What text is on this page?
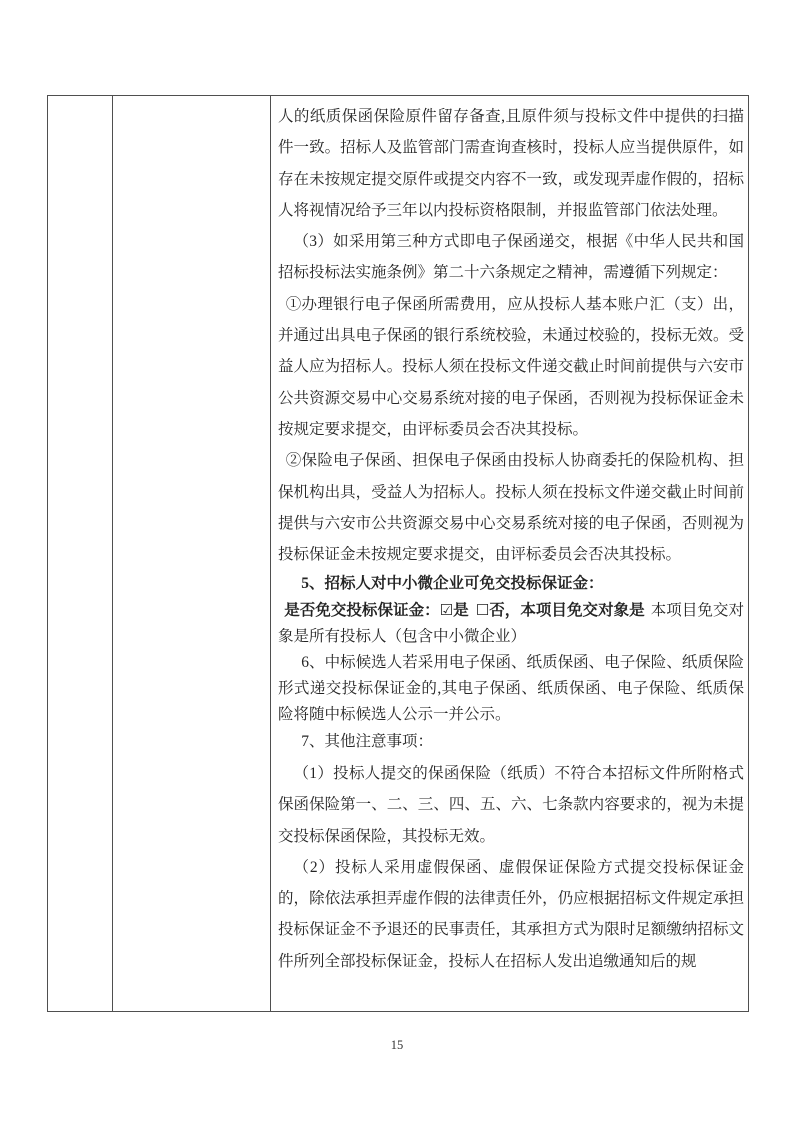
人的纸质保函保险原件留存备查,且原件须与投标文件中提供的扫描件一致。招标人及监管部门需查询查核时，投标人应当提供原件，如存在未按规定提交原件或提交内容不一致，或发现弄虚作假的，招标人将视情况给予三年以内投标资格限制，并报监管部门依法处理。

（3）如采用第三种方式即电子保函递交，根据《中华人民共和国招标投标法实施条例》第二十六条规定之精神，需遵循下列规定：

①办理银行电子保函所需费用，应从投标人基本账户汇（支）出，并通过出具电子保函的银行系统校验，未通过校验的，投标无效。受益人应为招标人。投标人须在投标文件递交截止时间前提供与六安市公共资源交易中心交易系统对接的电子保函，否则视为投标保证金未按规定要求提交，由评标委员会否决其投标。

②保险电子保函、担保电子保函由投标人协商委托的保险机构、担保机构出具，受益人为招标人。投标人须在投标文件递交截止时间前提供与六安市公共资源交易中心交易系统对接的电子保函，否则视为投标保证金未按规定要求提交，由评标委员会否决其投标。

5、招标人对中小微企业可免交投标保证金：

是否免交投标保证金：☑是 ☐否，本项目免交对象是 本项目免交对象是所有投标人（包含中小微企业）

6、中标候选人若采用电子保函、纸质保函、电子保险、纸质保险形式递交投标保证金的,其电子保函、纸质保函、电子保险、纸质保险将随中标候选人公示一并公示。

7、其他注意事项：

（1）投标人提交的保函保险（纸质）不符合本招标文件所附格式保函保险第一、二、三、四、五、六、七条款内容要求的，视为未提交投标保函保险，其投标无效。

（2）投标人采用虚假保函、虚假保证保险方式提交投标保证金的，除依法承担弄虚作假的法律责任外，仍应根据招标文件规定承担投标保证金不予退还的民事责任，其承担方式为限时足额缴纳招标文件所列全部投标保证金，投标人在招标人发出追缴通知后的规

15
